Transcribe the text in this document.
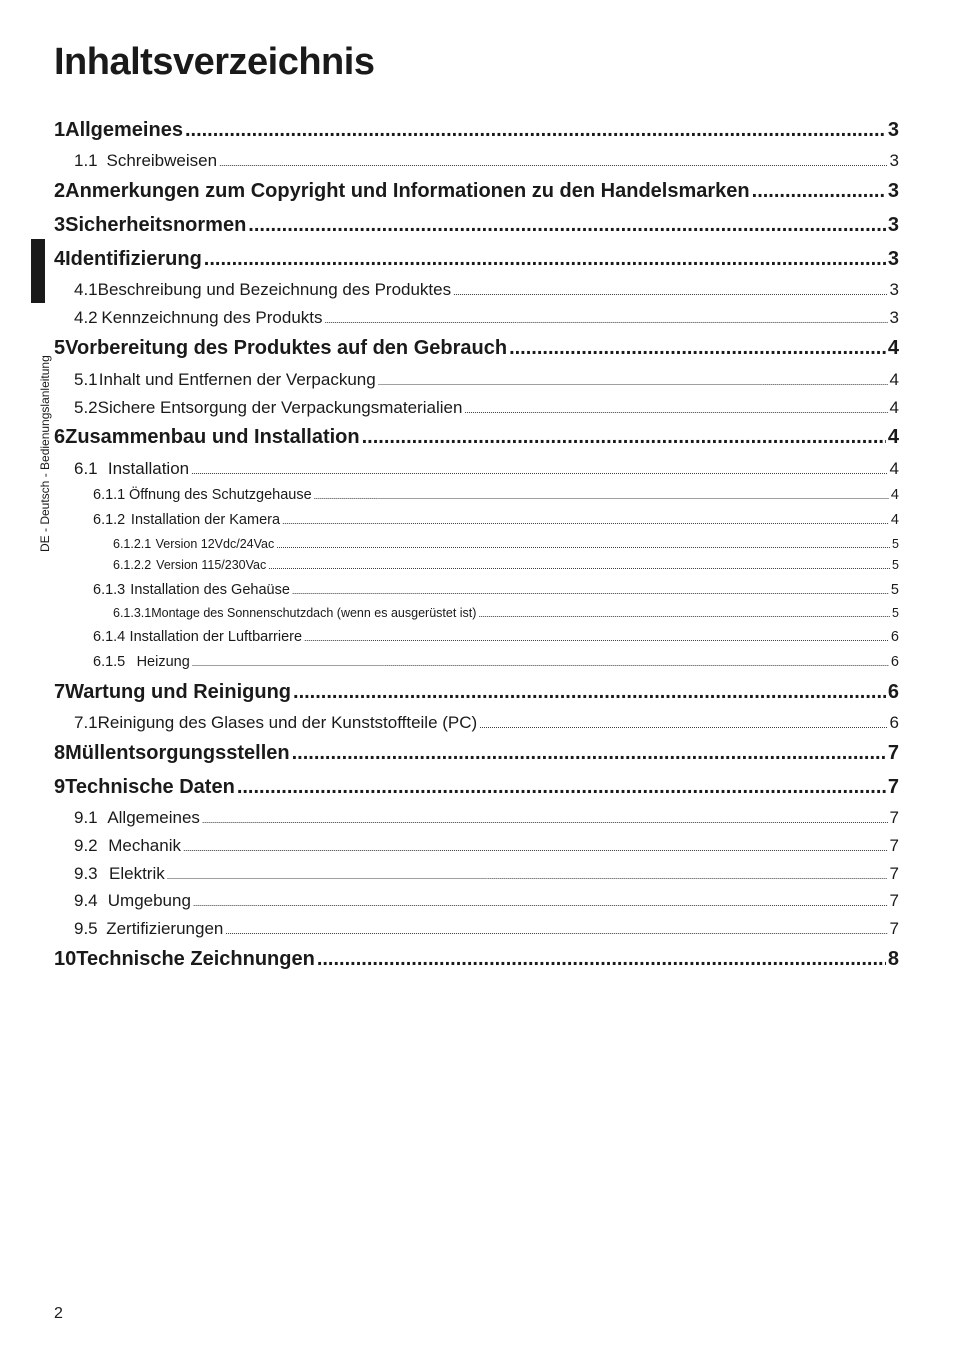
Inhaltsverzeichnis
DE - Deutsch - Bedienungslanleitung
1 Allgemeines .....	3
1.1 Schreibweisen .....	3
2 Anmerkungen zum Copyright und Informationen zu den Handelsmarken .....	3
3 Sicherheitsnormen .....	3
4 Identifizierung .....	3
4.1 Beschreibung und Bezeichnung des Produktes .....	3
4.2 Kennzeichnung des Produkts .....	3
5 Vorbereitung des Produktes auf den Gebrauch .....	4
5.1 Inhalt und Entfernen der Verpackung .....	4
5.2 Sichere Entsorgung der Verpackungsmaterialien .....	4
6 Zusammenbau und Installation .....	4
6.1 Installation .....	4
6.1.1 Öffnung des Schutzgehause .....	4
6.1.2 Installation der Kamera .....	4
6.1.2.1 Version 12Vdc/24Vac .....	5
6.1.2.2 Version 115/230Vac .....	5
6.1.3 Installation des Gehaüse .....	5
6.1.3.1 Montage des Sonnenschutzdach (wenn es ausgerüstet ist) .....	5
6.1.4 Installation der Luftbarriere .....	6
6.1.5 Heizung .....	6
7 Wartung und Reinigung .....	6
7.1 Reinigung des Glases und der Kunststoffteile (PC) .....	6
8 Müllentsorgungsstellen .....	7
9 Technische Daten .....	7
9.1 Allgemeines .....	7
9.2 Mechanik .....	7
9.3 Elektrik .....	7
9.4 Umgebung .....	7
9.5 Zertifizierungen .....	7
10 Technische Zeichnungen .....	8
2
